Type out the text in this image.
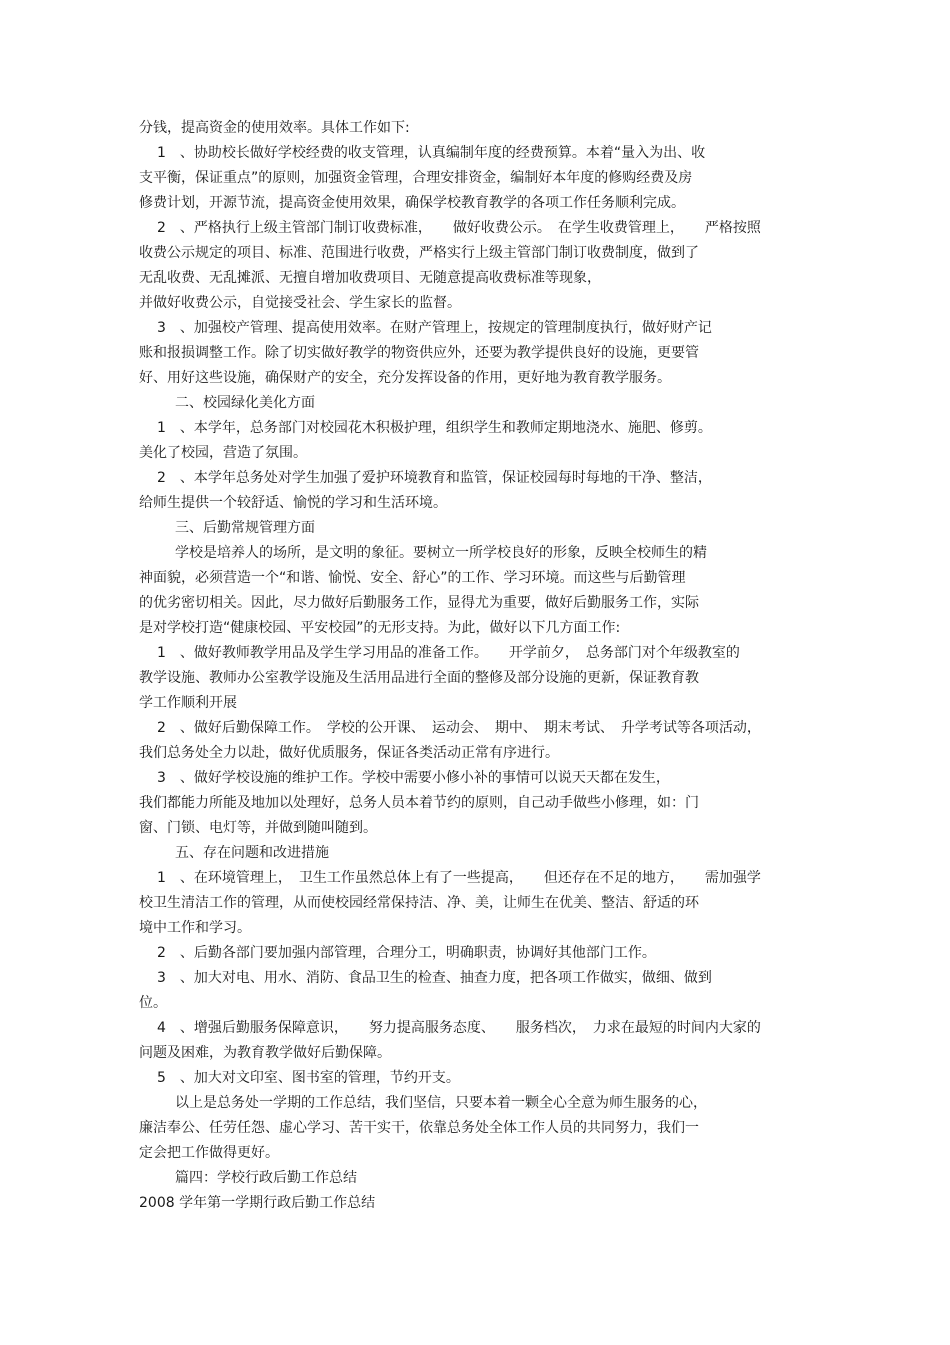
分钱，提高资金的使用效率。具体工作如下:
1　、协助校长做好学校经费的收支管理，认真编制年度的经费预算。本着“量入为出、收
支平衡，保证重点”的原则，加强资金管理，合理安排资金，编制好本年度的修购经费及房
修费计划，开源节流，提高资金使用效果，确保学校教育教学的各项工作任务顺利完成。
2　、严格执行上级主管部门制订收费标准，　　做好收费公示。　在学生收费管理上，　　严格按照
收费公示规定的项目、标准、范围进行收费，严格实行上级主管部门制订收费制度，做到了
无乱收费、无乱摊派、无擅自增加收费项目、无随意提高收费标准等现象，
并做好收费公示，自觉接受社会、学生家长的监督。
3　、加强校产管理、提高使用效率。在财产管理上，按规定的管理制度执行，做好财产记
账和报损调整工作。除了切实做好教学的物资供应外，还要为教学提供良好的设施，更要管
好、用好这些设施，确保财产的安全，充分发挥设备的作用，更好地为教育教学服务。
二、校园绿化美化方面
1　、本学年，总务部门对校园花木积极护理，组织学生和教师定期地浇水、施肥、修剪。
美化了校园，营造了氛围。
2　、本学年总务处对学生加强了爱护环境教育和监管，保证校园每时每地的干净、整洁，
给师生提供一个较舒适、愉悦的学习和生活环境。
三、后勤常规管理方面
学校是培养人的场所，是文明的象征。要树立一所学校良好的形象，反映全校师生的精
神面貌，必须营造一个“和谐、愉悦、安全、舒心”的工作、学习环境。而这些与后勤管理
的优劣密切相关。因此，尽力做好后勤服务工作，显得尤为重要，做好后勤服务工作，实际
是对学校打造“健康校园、平安校园”的无形支持。为此，做好以下几方面工作:
1　、做好教师教学用品及学生学习用品的准备工作。　　开学前夕，　总务部门对个年级教室的
教学设施、教师办公室教学设施及生活用品进行全面的整修及部分设施的更新，保证教育教
学工作顺利开展
2　、做好后勤保障工作。　学校的公开课、　运动会、　期中、　期末考试、　升学考试等各项活动，
我们总务处全力以赴，做好优质服务，保证各类活动正常有序进行。
3　、做好学校设施的维护工作。学校中需要小修小补的事情可以说天天都在发生，
我们都能力所能及地加以处理好，总务人员本着节约的原则，自己动手做些小修理，如：门
窗、门锁、电灯等，并做到随叫随到。
五、存在问题和改进措施
1　、在环境管理上，　卫生工作虽然总体上有了一些提高，　　但还存在不足的地方，　　需加强学
校卫生清洁工作的管理，从而使校园经常保持洁、净、美，让师生在优美、整洁、舒适的环
境中工作和学习。
2　、后勤各部门要加强内部管理，合理分工，明确职责，协调好其他部门工作。
3　、加大对电、用水、消防、食品卫生的检查、抽查力度，把各项工作做实，做细、做到
位。
4　、增强后勤服务保障意识，　　努力提高服务态度、　　服务档次，　力求在最短的时间内大家的
问题及困难，为教育教学做好后勤保障。
5　、加大对文印室、图书室的管理，节约开支。
以上是总务处一学期的工作总结，我们坚信，只要本着一颗全心全意为师生服务的心，
廉洁奉公、任劳任怨、虚心学习、苦干实干，依靠总务处全体工作人员的共同努力，我们一
定会把工作做得更好。
篇四：学校行政后勤工作总结
2008 学年第一学期行政后勤工作总结
